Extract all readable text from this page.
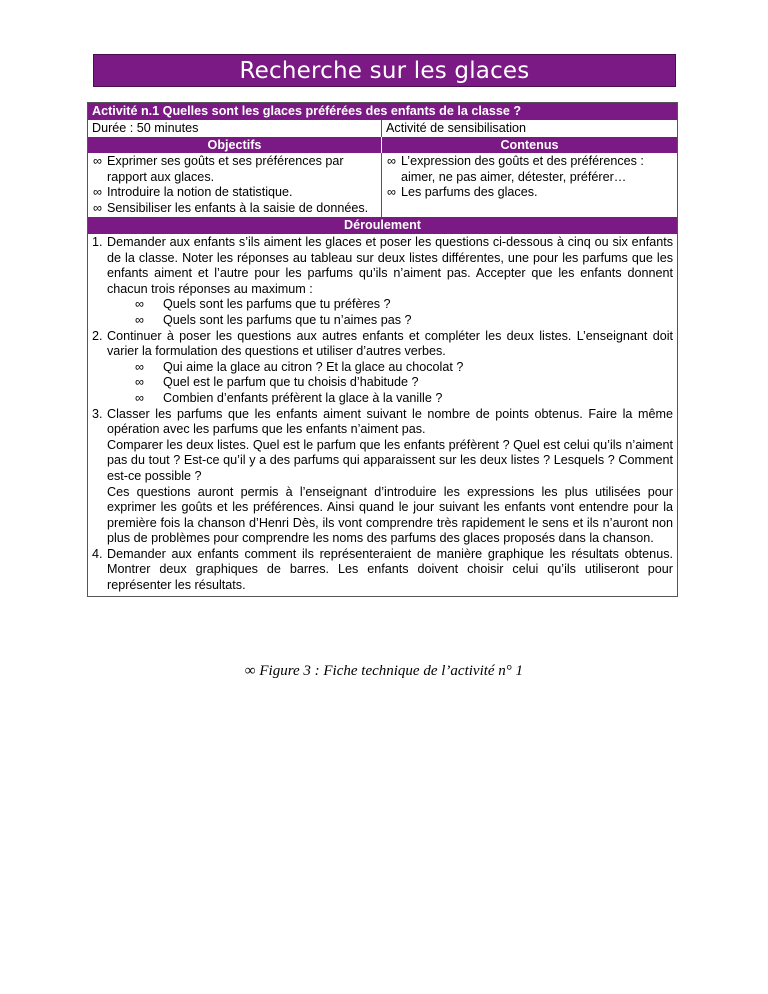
Recherche sur les glaces
Activité n.1 Quelles sont les glaces préférées des enfants de la classe ?
Durée : 50 minutes	Activité de sensibilisation
Objectifs	Contenus
∞ Exprimer ses goûts et ses préférences par rapport aux glaces.
∞ Introduire la notion de statistique.
∞ Sensibiliser les enfants à la saisie de données.
∞ L’expression des goûts et des préférences : aimer, ne pas aimer, détester, préférer…
∞ Les parfums des glaces.
Déroulement
1. Demander aux enfants s’ils aiment les glaces et poser les questions ci-dessous à cinq ou six enfants de la classe. Noter les réponses au tableau sur deux listes différentes, une pour les parfums que les enfants aiment et l’autre pour les parfums qu’ils n’aiment pas. Accepter que les enfants donnent chacun trois réponses au maximum :

∞ Quels sont les parfums que tu préfères ?
∞ Quels sont les parfums que tu n’aimes pas ?
2. Continuer à poser les questions aux autres enfants et compléter les deux listes. L’enseignant doit varier la formulation des questions et utiliser d’autres verbes.

∞ Qui aime la glace au citron ? Et la glace au chocolat ?
∞ Quel est le parfum que tu choisis d’habitude ?
∞ Combien d’enfants préfèrent la glace à la vanille ?
3. Classer les parfums que les enfants aiment suivant le nombre de points obtenus. Faire la même opération avec les parfums que les enfants n’aiment pas.

Comparer les deux listes. Quel est le parfum que les enfants préfèrent ? Quel est celui qu’ils n’aiment pas du tout ? Est-ce qu’il y a des parfums qui apparaissent sur les deux listes ? Lesquels ? Comment est-ce possible ?

Ces questions auront permis à l’enseignant d’introduire les expressions les plus utilisées pour exprimer les goûts et les préférences. Ainsi quand le jour suivant les enfants vont entendre pour la première fois la chanson d’Henri Dès, ils vont comprendre très rapidement le sens et ils n’auront non plus de problèmes pour comprendre les noms des parfums des glaces proposés dans la chanson.

4. Demander aux enfants comment ils représenteraient de manière graphique les résultats obtenus. Montrer deux graphiques de barres. Les enfants doivent choisir celui qu’ils utiliseront pour représenter les résultats.

∞ Figure 3 : Fiche technique de l’activité n° 1
